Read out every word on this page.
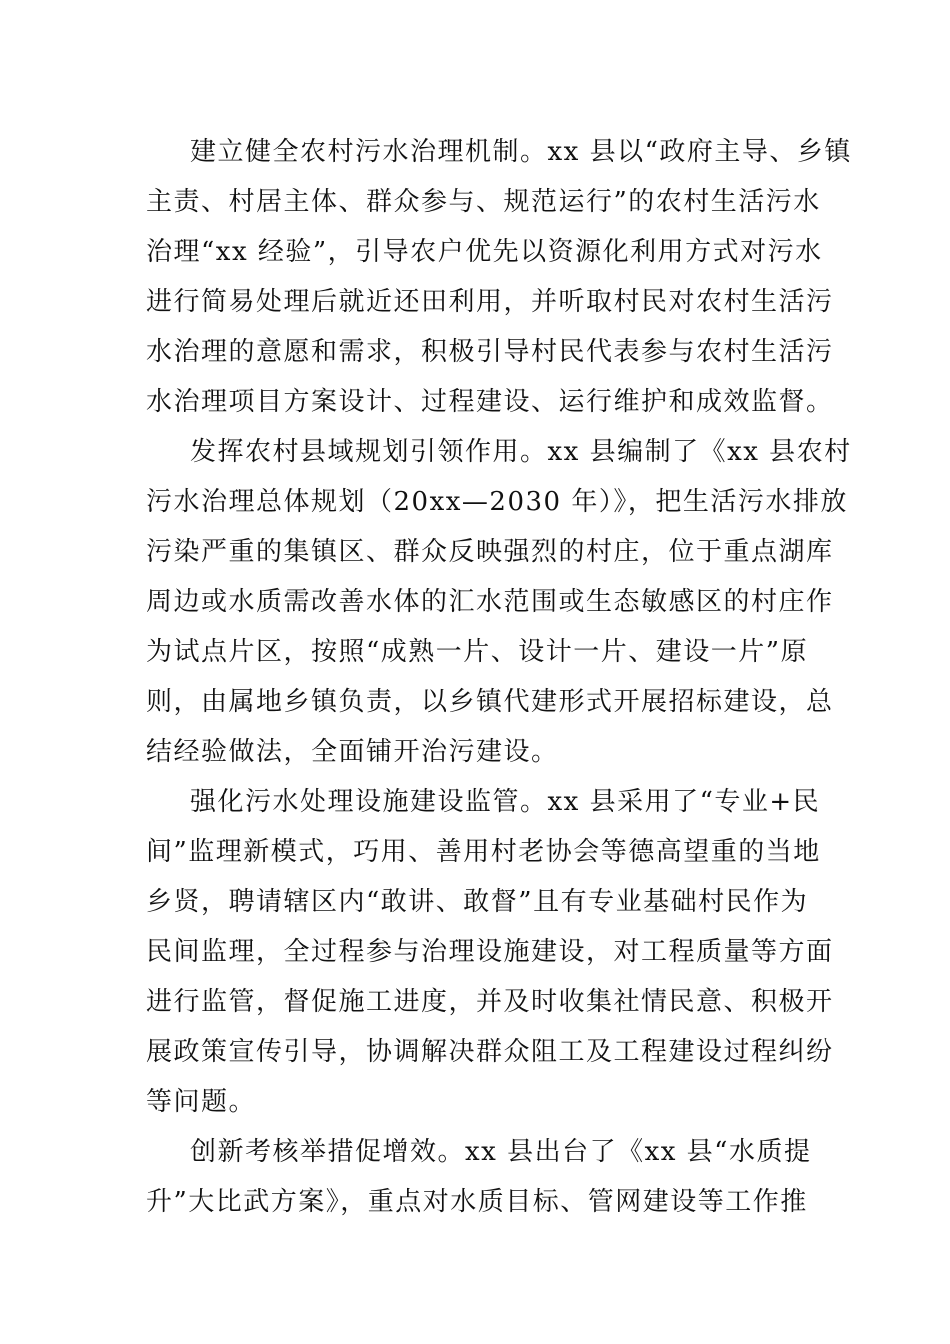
建立健全农村污水治理机制。xx 县以“政府主导、乡镇
主责、村居主体、群众参与、规范运行”的农村生活污水
治理“xx 经验”，引导农户优先以资源化利用方式对污水
进行简易处理后就近还田利用，并听取村民对农村生活污
水治理的意愿和需求，积极引导村民代表参与农村生活污
水治理项目方案设计、过程建设、运行维护和成效监督。
发挥农村县域规划引领作用。xx 县编制了《xx 县农村
污水治理总体规划（20xx—2030 年）》，把生活污水排放
污染严重的集镇区、群众反映强烈的村庄，位于重点湖库
周边或水质需改善水体的汇水范围或生态敏感区的村庄作
为试点片区，按照“成熟一片、设计一片、建设一片”原
则，由属地乡镇负责，以乡镇代建形式开展招标建设，总
结经验做法，全面铺开治污建设。
强化污水处理设施建设监管。xx 县采用了“专业+民
间”监理新模式，巧用、善用村老协会等德高望重的当地
乡贤，聘请辖区内“敢讲、敢督”且有专业基础村民作为
民间监理，全过程参与治理设施建设，对工程质量等方面
进行监管，督促施工进度，并及时收集社情民意、积极开
展政策宣传引导，协调解决群众阻工及工程建设过程纠纷
等问题。
创新考核举措促增效。xx 县出台了《xx 县“水质提
升”大比武方案》，重点对水质目标、管网建设等工作推
